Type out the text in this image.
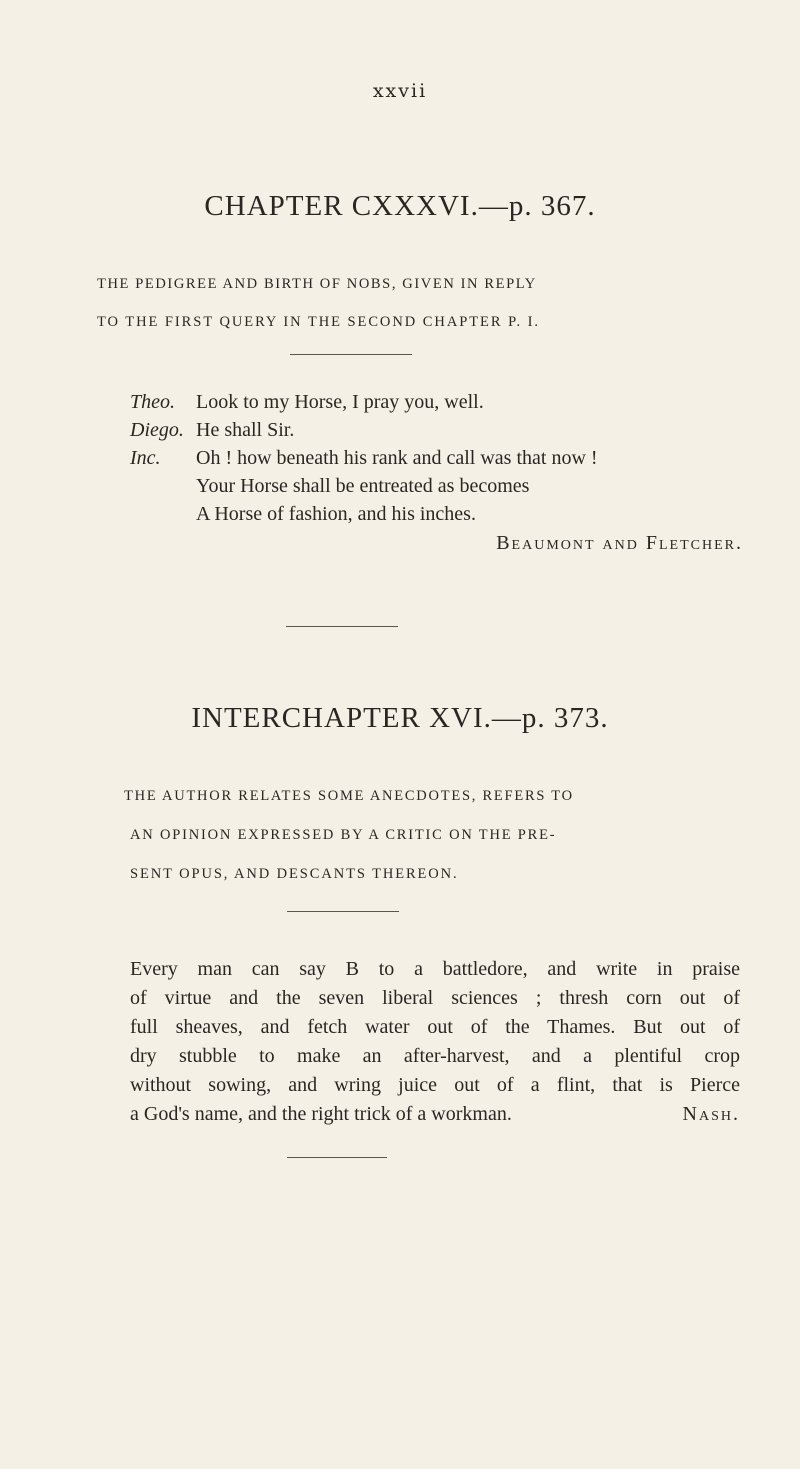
xxvii
CHAPTER CXXXVI.—p. 367.
THE PEDIGREE AND BIRTH OF NOBS, GIVEN IN REPLY
TO THE FIRST QUERY IN THE SECOND CHAPTER P. I.
Theo. Look to my Horse, I pray you, well.
Diego. He shall Sir.
Inc. Oh ! how beneath his rank and call was that now !
Your Horse shall be entreated as becomes
A Horse of fashion, and his inches.
Beaumont and Fletcher.
INTERCHAPTER XVI.—p. 373.
THE AUTHOR RELATES SOME ANECDOTES, REFERS TO
AN OPINION EXPRESSED BY A CRITIC ON THE PRE-
SENT OPUS, AND DESCANTS THEREON.
Every man can say B to a battledore, and write in praise
of virtue and the seven liberal sciences ; thresh corn out of
full sheaves, and fetch water out of the Thames. But out of
dry stubble to make an after-harvest, and a plentiful crop
without sowing, and wring juice out of a flint, that is Pierce
a God's name, and the right trick of a workman.	Nash.
